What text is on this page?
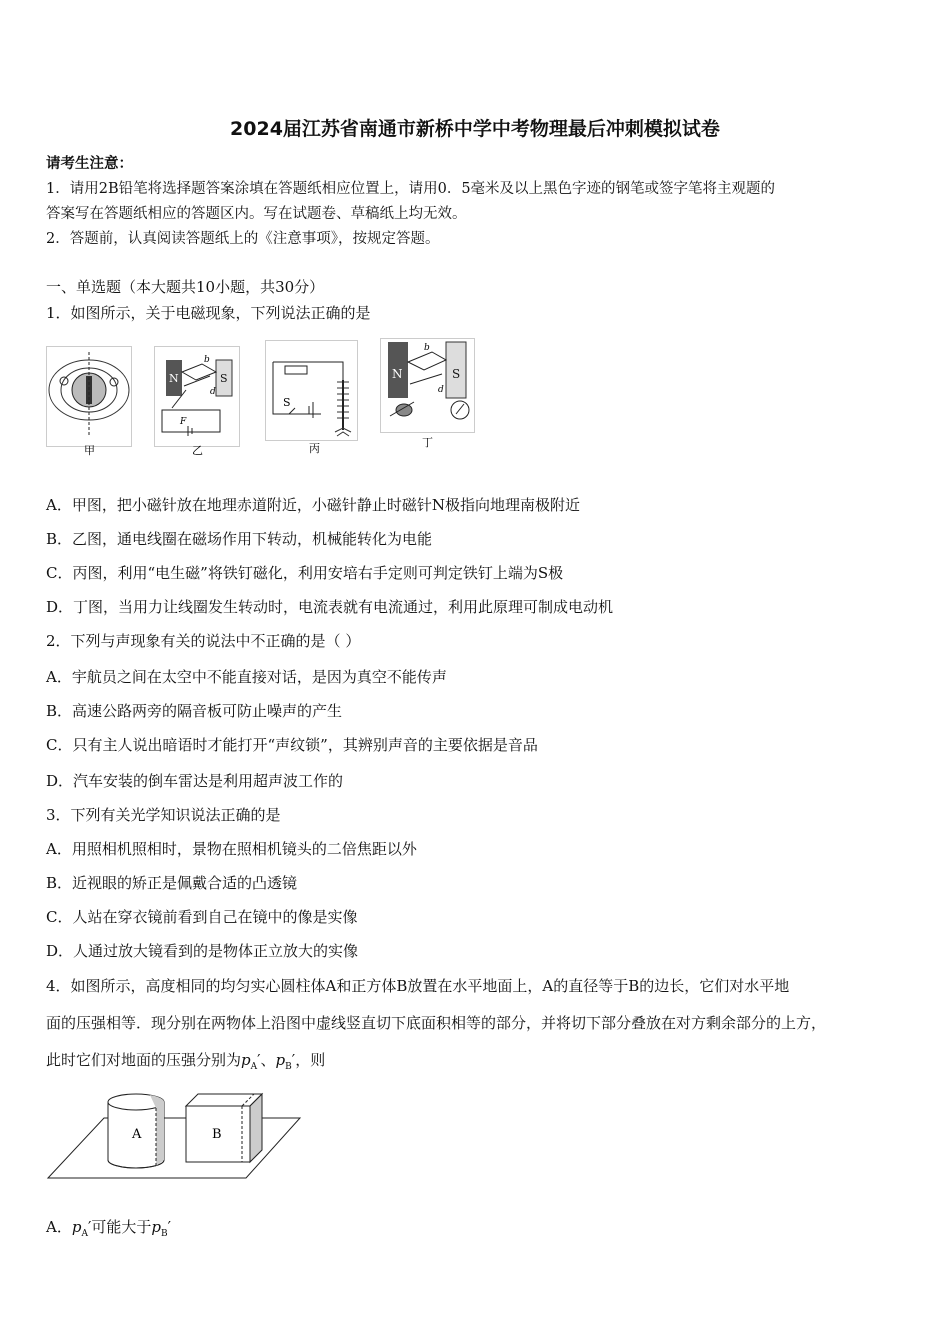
2024届江苏省南通市新桥中学中考物理最后冲刺模拟试卷
请考生注意：
1．请用2B铅笔将选择题答案涂填在答题纸相应位置上，请用0．5毫米及以上黑色字迹的钢笔或签字笔将主观题的
答案写在答题纸相应的答题区内。写在试题卷、草稿纸上均无效。
2．答题前，认真阅读答题纸上的《注意事项》，按规定答题。
一、单选题（本大题共10小题，共30分）
1．如图所示，关于电磁现象，下列说法正确的是
甲
N	S
b
d
F
乙
S
丙
N	S
b
d
丁
A．甲图，把小磁针放在地理赤道附近，小磁针静止时磁针N极指向地理南极附近
B．乙图，通电线圈在磁场作用下转动，机械能转化为电能
C．丙图，利用“电生磁”将铁钉磁化，利用安培右手定则可判定铁钉上端为S极
D．丁图，当用力让线圈发生转动时，电流表就有电流通过，利用此原理可制成电动机
2．下列与声现象有关的说法中不正确的是（ ）
A．宇航员之间在太空中不能直接对话，是因为真空不能传声
B．高速公路两旁的隔音板可防止噪声的产生
C．只有主人说出暗语时才能打开“声纹锁”，其辨别声音的主要依据是音品
D．汽车安装的倒车雷达是利用超声波工作的
3．下列有关光学知识说法正确的是
A．用照相机照相时，景物在照相机镜头的二倍焦距以外
B．近视眼的矫正是佩戴合适的凸透镜
C．人站在穿衣镜前看到自己在镜中的像是实像
D．人通过放大镜看到的是物体正立放大的实像
4．如图所示，高度相同的均匀实心圆柱体A和正方体B放置在水平地面上，A的直径等于B的边长，它们对水平地
面的压强相等．现分别在两物体上沿图中虚线竖直切下底面积相等的部分，并将切下部分叠放在对方剩余部分的上方，
此时它们对地面的压强分别为$p_A'$、$p_B'$，则
A	B
A．$p_A'$可能大于$p_B'$
